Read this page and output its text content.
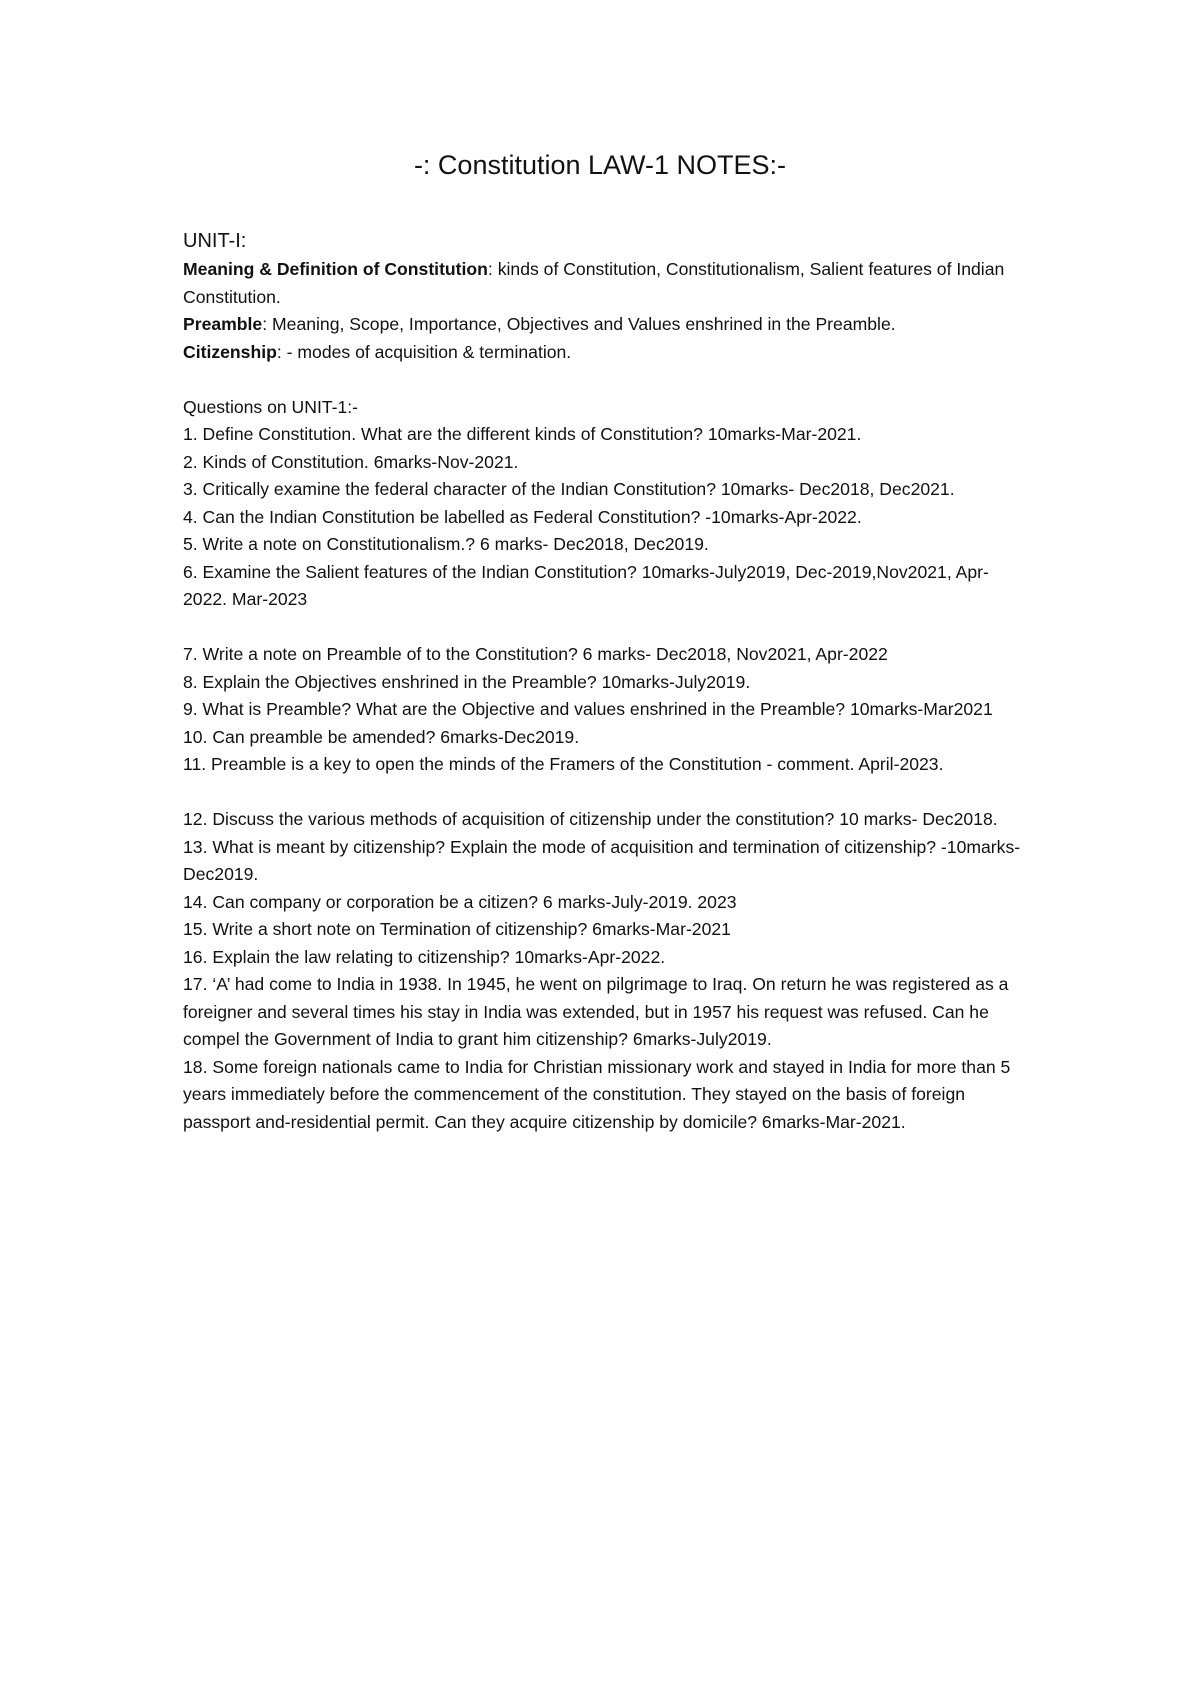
-: Constitution LAW-1 NOTES:-
UNIT-I:

Meaning & Definition of Constitution: kinds of Constitution, Constitutionalism, Salient features of Indian Constitution.

Preamble: Meaning, Scope, Importance, Objectives and Values enshrined in the Preamble.

Citizenship: - modes of acquisition & termination.

Questions on UNIT-1:-

1. Define Constitution. What are the different kinds of Constitution? 10marks-Mar-2021.

2. Kinds of Constitution. 6marks-Nov-2021.

3. Critically examine the federal character of the Indian Constitution? 10marks- Dec2018, Dec2021.

4. Can the Indian Constitution be labelled as Federal Constitution? -10marks-Apr-2022.

5. Write a note on Constitutionalism.? 6 marks- Dec2018, Dec2019.

6. Examine the Salient features of the Indian Constitution? 10marks-July2019, Dec-2019,Nov2021, Apr-2022. Mar-2023

7. Write a note on Preamble of to the Constitution? 6 marks- Dec2018, Nov2021, Apr-2022

8. Explain the Objectives enshrined in the Preamble? 10marks-July2019.

9. What is Preamble? What are the Objective and values enshrined in the Preamble? 10marks-Mar2021

10. Can preamble be amended? 6marks-Dec2019.

11. Preamble is a key to open the minds of the Framers of the Constitution - comment. April-2023.

12. Discuss the various methods of acquisition of citizenship under the constitution? 10 marks- Dec2018.

13. What is meant by citizenship? Explain the mode of acquisition and termination of citizenship? -10marks-Dec2019.

14. Can company or corporation be a citizen? 6 marks-July-2019. 2023

15. Write a short note on Termination of citizenship? 6marks-Mar-2021

16. Explain the law relating to citizenship? 10marks-Apr-2022.

17. ‘A’ had come to India in 1938. In 1945, he went on pilgrimage to Iraq. On return he was registered as a foreigner and several times his stay in India was extended, but in 1957 his request was refused. Can he compel the Government of India to grant him citizenship? 6marks-July2019.

18. Some foreign nationals came to India for Christian missionary work and stayed in India for more than 5 years immediately before the commencement of the constitution. They stayed on the basis of foreign passport and-residential permit. Can they acquire citizenship by domicile? 6marks-Mar-2021.
